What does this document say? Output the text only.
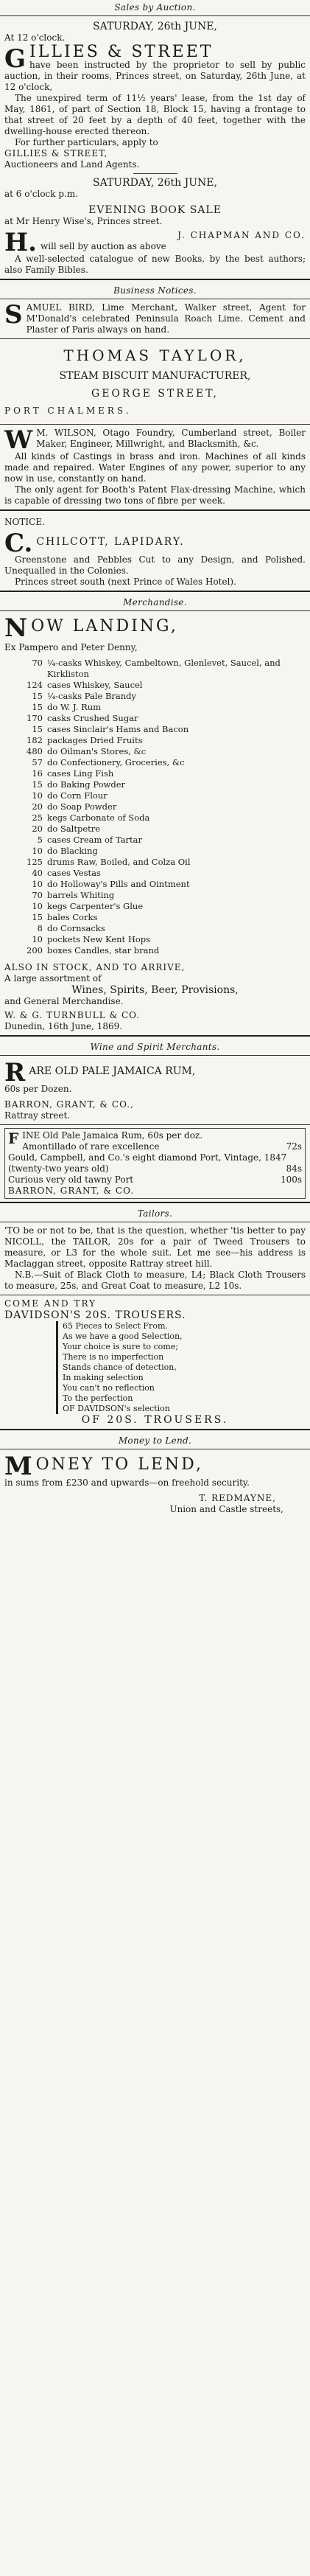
Sales by Auction.
SATURDAY, 26th JUNE,
At 12 o'clock.
G ILLIES & STREET

have been instructed by the proprietor to sell by public auction, in their rooms, Princes street, on Saturday, 26th June, at 12 o'clock,

The unexpired term of 11½ years' lease, from the 1st day of May, 1861, of part of Section 18, Block 15, having a frontage to that street of 20 feet by a depth of 40 feet, together with the dwelling-house erected thereon.

For further particulars, apply to

GILLIES & STREET,
Auctioneers and Land Agents.
SATURDAY, 26th JUNE,
at 6 o'clock p.m.
EVENING BOOK SALE
at Mr Henry Wise's, Princes street.
H.	J. CHAPMAN AND CO.

will sell by auction as above

A well-selected catalogue of new Books, by the best authors; also Family Bibles.

Business Notices.
S AMUEL BIRD, Lime Merchant, Walker street, Agent for M'Donald's celebrated Peninsula Roach Lime. Cement and Plaster of Paris always on hand.

THOMAS TAYLOR,
STEAM BISCUIT MANUFACTURER,
GEORGE STREET,
PORT CHALMERS.
W M. WILSON, Otago Foundry, Cumberland street, Boiler Maker, Engineer, Millwright, and Blacksmith, &c.

All kinds of Castings in brass and iron. Machines of all kinds made and repaired. Water Engines of any power, superior to any now in use, constantly on hand.

The only agent for Booth's Patent Flax-dressing Machine, which is capable of dressing two tons of fibre per week.

NOTICE.
C. CHILCOTT, LAPIDARY.

Greenstone and Pebbles Cut to any Design, and Polished. Unequalled in the Colonies.

Princes street south (next Prince of Wales Hotel).

Merchandise.
N OW LANDING,
Ex Pampero and Peter Denny,
70 ¼-casks Whiskey, Cambeltown, Glenlevet, Saucel, and Kirkliston
124 cases Whiskey, Saucel
15 ¼-casks Pale Brandy
15 do W. J. Rum
170 casks Crushed Sugar
15 cases Sinclair's Hams and Bacon
182 packages Dried Fruits
480 do Oilman's Stores, &c
57 do Confectionery, Groceries, &c
16 cases Ling Fish
15 do Baking Powder
10 do Corn Flour
20 do Soap Powder
25 kegs Carbonate of Soda
20 do Saltpetre
5 cases Cream of Tartar
10 do Blacking
125 drums Raw, Boiled, and Colza Oil
40 cases Vestas
10 do Holloway's Pills and Ointment
70 barrels Whiting
10 kegs Carpenter's Glue
15 bales Corks
8 do Cornsacks
10 pockets New Kent Hops
200 boxes Candles, star brand
ALSO IN STOCK, AND TO ARRIVE,
A large assortment of
Wines, Spirits, Beer, Provisions,
and General Merchandise.
W. & G. TURNBULL & CO.
Dunedin, 16th June, 1869.
Wine and Spirit Merchants.
R ARE OLD PALE JAMAICA RUM,
60s per Dozen.
BARRON, GRANT, & CO.,
Rattray street.
F INE Old Pale Jamaica Rum, 60s per doz.
Amontillado of rare excellence	72s
Gould, Campbell, and Co.'s eight diamond Port, Vintage, 1847
(twenty-two years old)	84s
Curious very old tawny Port	100s
BARRON, GRANT, & CO.
Tailors.

'TO be or not to be, that is the question, whether 'tis better to pay NICOLL, the TAILOR, 20s for a pair of Tweed Trousers to measure, or L3 for the whole suit. Let me see—his address is Maclaggan street, opposite Rattray street hill.

N.B.—Suit of Black Cloth to measure, L4; Black Cloth Trousers to measure, 25s, and Great Coat to measure, L2 10s.

COME AND TRY
DAVIDSON'S 20S. TROUSERS.
65 Pieces to Select From.
As we have a good Selection,
Your choice is sure to come;
There is no imperfection
Stands chance of detection,
In making selection
You can't no reflection
To the perfection
OF DAVIDSON's selection
OF 20S. TROUSERS.
Money to Lend.
M ONEY TO LEND,

in sums from £230 and upwards—on freehold security.

T. REDMAYNE,
Union and Castle streets,
